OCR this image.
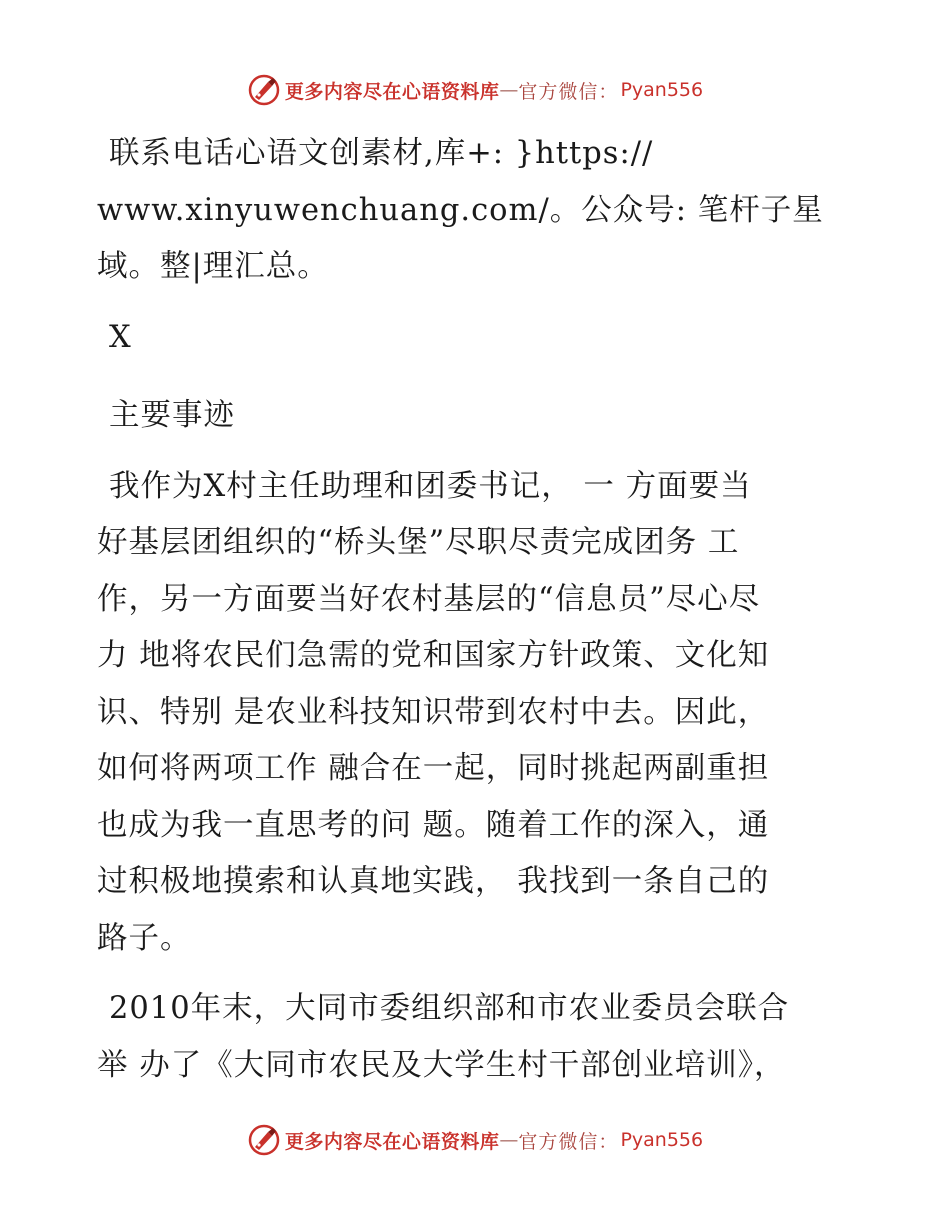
更多内容尽在心语资料库 — 官方微信： Pyan556
联系电话心语文创素材,库+: }https://
www.xinyuwenchuang.com/。公众号: 笔杆子星
域。整|理汇总。
X
主要事迹
我作为X村主任助理和团委书记， 一 方面要当
好基层团组织的“桥头堡”尽职尽责完成团务 工
作，另一方面要当好农村基层的“信息员”尽心尽
力 地将农民们急需的党和国家方针政策、文化知
识、特别 是农业科技知识带到农村中去。因此，
如何将两项工作 融合在一起，同时挑起两副重担
也成为我一直思考的问 题。随着工作的深入，通
过积极地摸索和认真地实践， 我找到一条自己的
路子。
2010年末，大同市委组织部和市农业委员会联合
举 办了《大同市农民及大学生村干部创业培训》，
更多内容尽在心语资料库 — 官方微信： Pyan556
